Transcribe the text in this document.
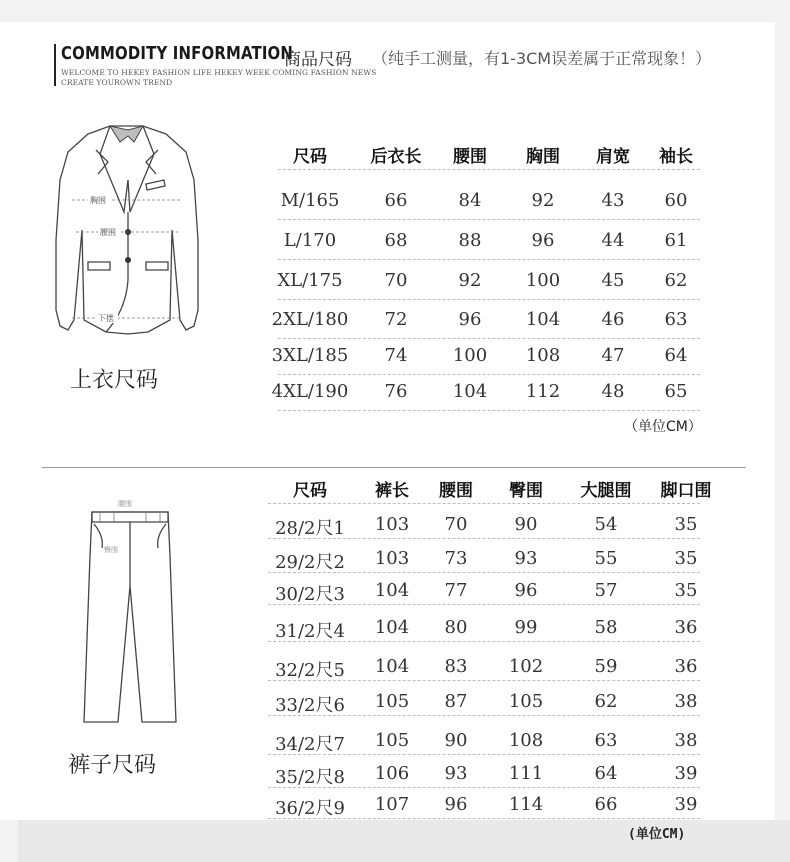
COMMODITY INFORMATION
商品尺码 （纯手工测量，有1-3CM误差属于正常现象！）
WELCOME TO HEKEY FASHION LIFE HEKEY WEEK COMING FASHION NEWS
CREATE YOUROWN TREND
胸围
腰围
下摆
上衣尺码
尺码	后衣长 腰围 胸围 肩宽 袖长
M/165	66	84	92	43 60
L/170	68	88	96	44 61
XL/175 70	92 100 45 62
2XL/180 72	96 104 46 63
3XL/185 74	100 108 47 64
4XL/190 76	104 112 48 65
（单位CM）
腰围
臀围
裤子尺码
尺码	裤长 腰围 臀围 大腿围 脚口围
28/2尺1 103 70	90	54	35
29/2尺2 103 73	93	55	35
30/2尺3 104 77	96	57	35
31/2尺4 104 80	99	58	36
32/2尺5 104 83 102	59	36
33/2尺6 105 87 105	62	38
34/2尺7 105 90 108	63	38
35/2尺8 106 93 111	64	39
36/2尺9 107 96 114	66	39
(单位CM)
